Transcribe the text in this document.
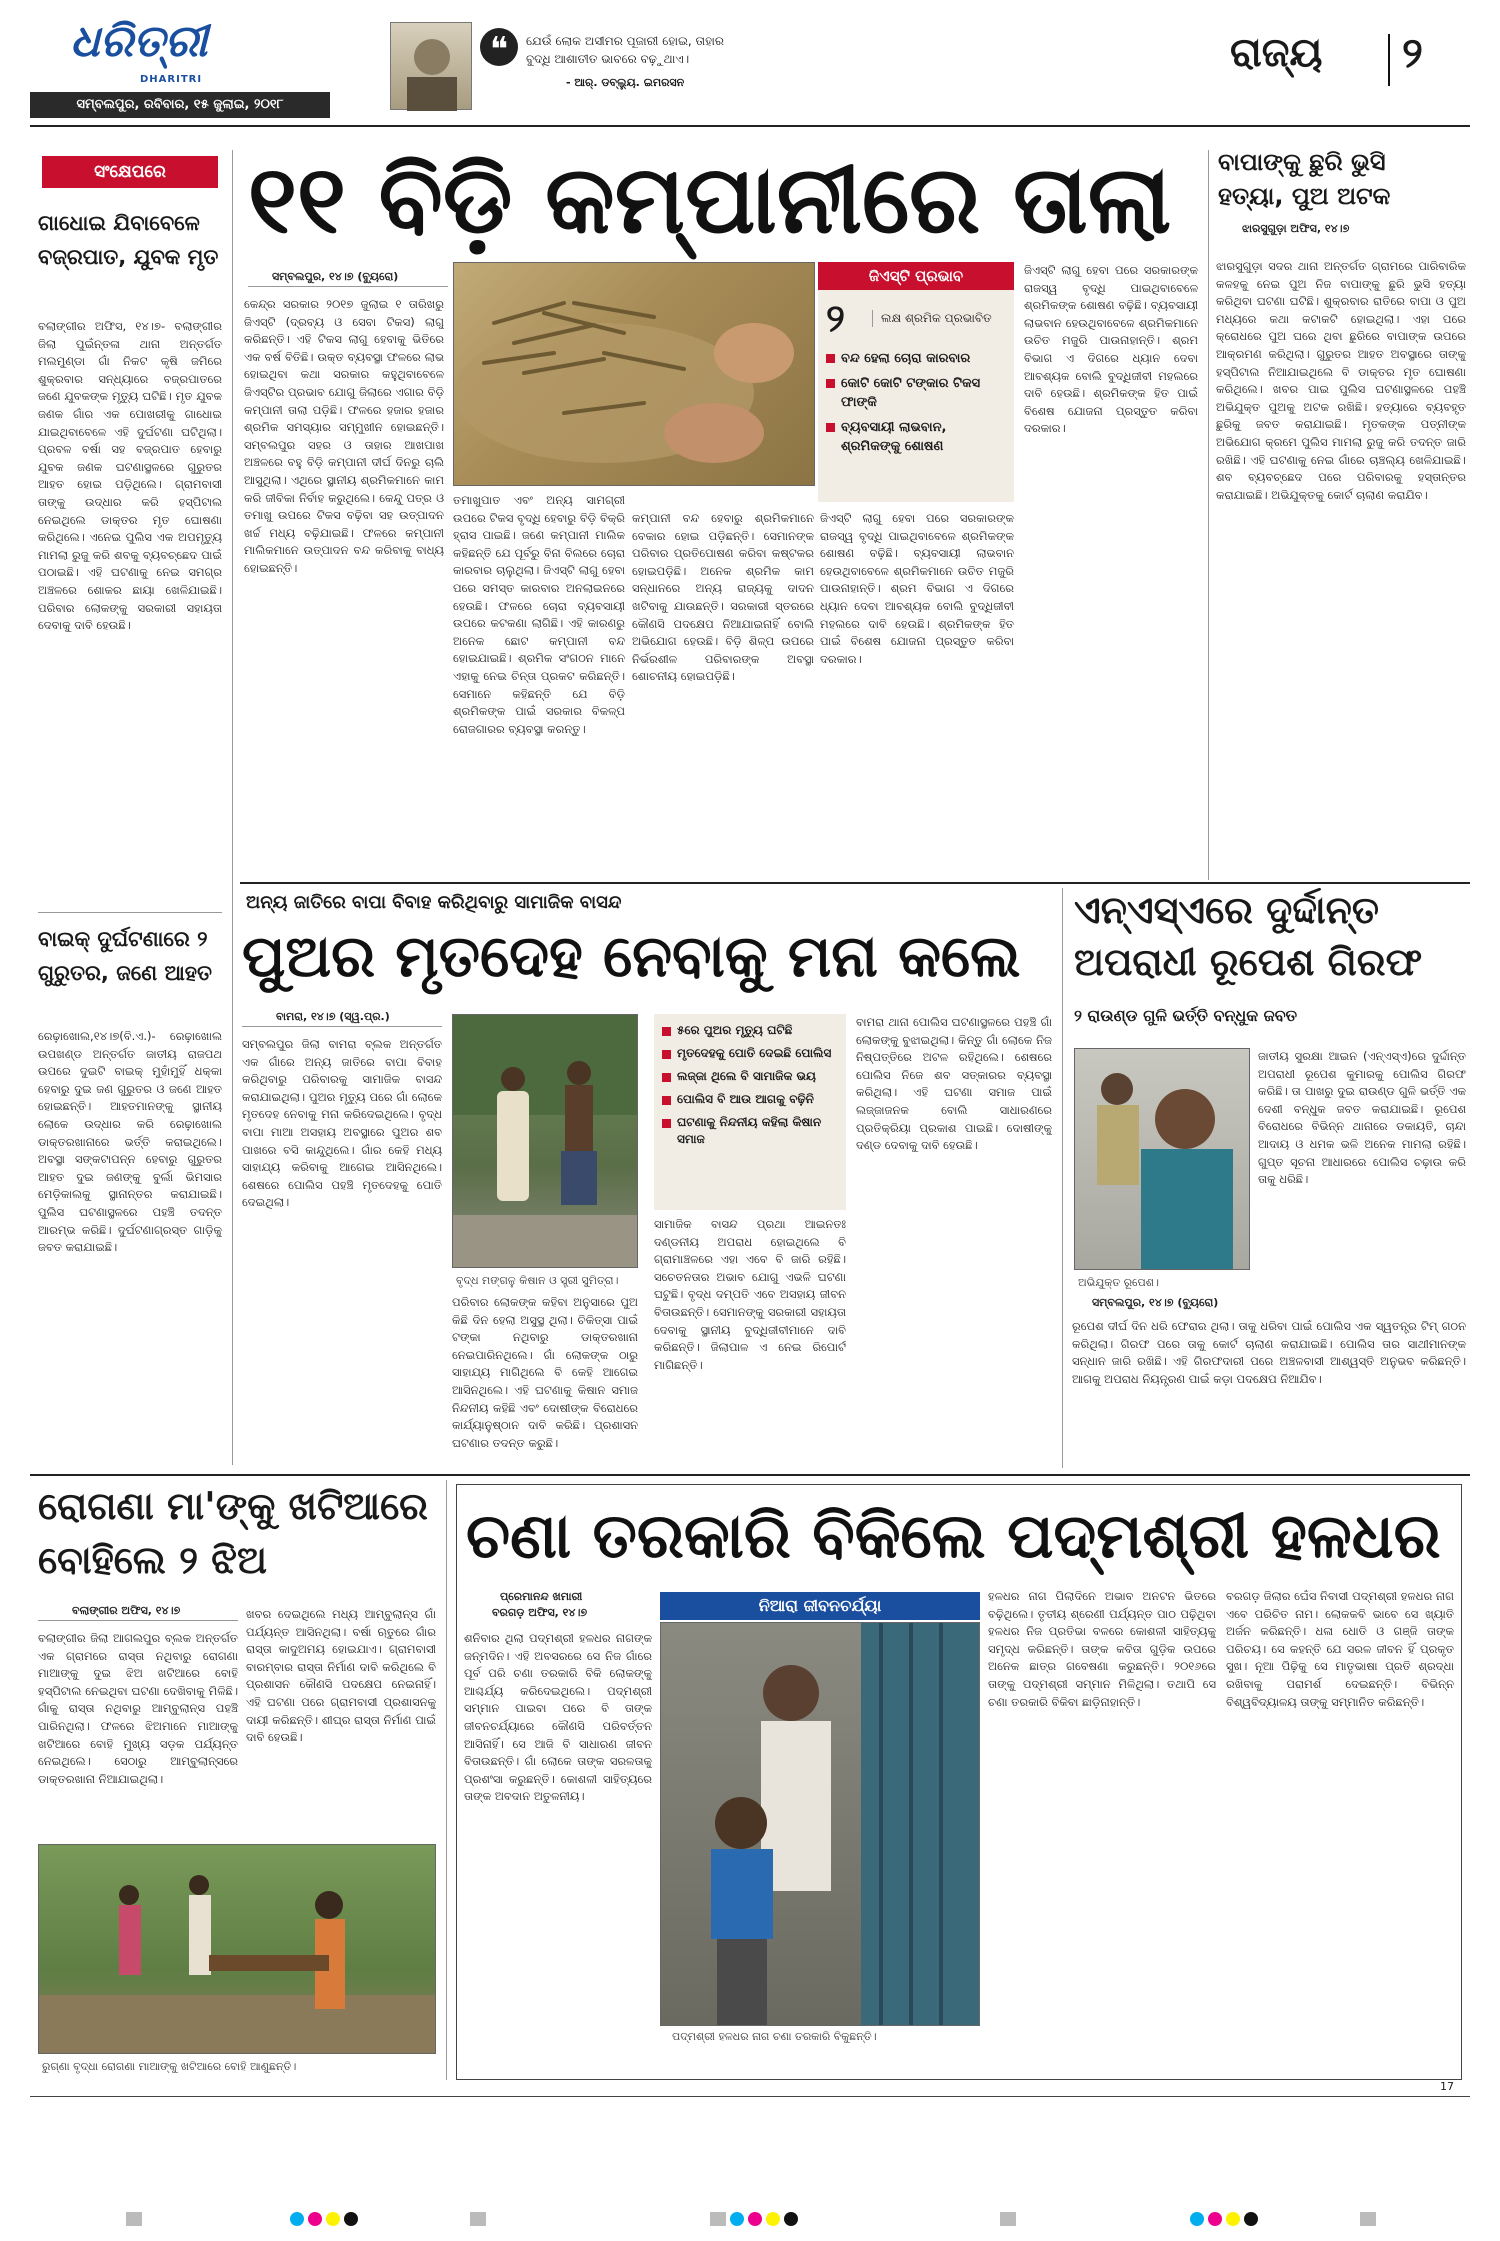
ଧରିତ୍ରୀ
DHARITRI
ସମ୍ବଲପୁର, ରବିବାର, ୧୫ ଜୁଲାଇ, ୨୦୧୮
❝	ଯେଉଁ ଲୋକ ଅସୀମର ପୂଜାରୀ ହୋଇ, ତାହାର
ବୁଦ୍ଧି ଆଶାତୀତ ଭାବରେ ବଢ଼ୁଥାଏ।
- ଆର୍. ଡବ୍ଲ୍ୟୁ. ଇମରସନ
ରାଜ୍ୟ ୨
ସଂକ୍ଷେପରେ
ଗାଧୋଇ ଯିବାବେଳେ ବଜ୍ରପାତ, ଯୁବକ ମୃତ
ବଲାଙ୍ଗୀର ଅଫିସ, ୧୪।୭- ବଲାଙ୍ଗୀର ଜିଲା ପୁଇଁନ୍ତଳା ଥାନା ଅନ୍ତର୍ଗତ ମଲମୁଣ୍ଡା ଗାଁ ନିକଟ କୃଷି ଜମିରେ ଶୁକ୍ରବାର ସନ୍ଧ୍ୟାରେ ବଜ୍ରପାତରେ ଜଣେ ଯୁବକଙ୍କ ମୃତ୍ୟୁ ଘଟିଛି। ମୃତ ଯୁବକ ଜଣକ ଗାଁର ଏକ ପୋଖରୀକୁ ଗାଧୋଇ ଯାଇଥିବାବେଳେ ଏହି ଦୁର୍ଘଟଣା ଘଟିଥିଲା। ପ୍ରବଳ ବର୍ଷା ସହ ବଜ୍ରପାତ ହେବାରୁ ଯୁବକ ଜଣକ ଘଟଣାସ୍ଥଳରେ ଗୁରୁତର ଆହତ ହୋଇ ପଡ଼ିଥିଲେ। ଗ୍ରାମବାସୀ ତାଙ୍କୁ ଉଦ୍ଧାର କରି ହସ୍ପିଟାଲ ନେଇଥିଲେ ଡାକ୍ତର ମୃତ ଘୋଷଣା କରିଥିଲେ। ଏନେଇ ପୁଲିସ ଏକ ଅପମୃତ୍ୟୁ ମାମଲା ରୁଜୁ କରି ଶବକୁ ବ୍ୟବଚ୍ଛେଦ ପାଇଁ ପଠାଇଛି। ଏହି ଘଟଣାକୁ ନେଇ ସମଗ୍ର ଅଞ୍ଚଳରେ ଶୋକର ଛାୟା ଖେଳିଯାଇଛି। ପରିବାର ଲୋକଙ୍କୁ ସରକାରୀ ସହାୟତା ଦେବାକୁ ଦାବି ହେଉଛି।
ବାଇକ୍ ଦୁର୍ଘଟଣାରେ ୨ ଗୁରୁତର, ଜଣେ ଆହତ
ରେଢ଼ାଖୋଲ,୧୪।୭(ବି.ଏ.)- ରେଢ଼ାଖୋଲ ଉପଖଣ୍ଡ ଅନ୍ତର୍ଗତ ଜାତୀୟ ରାଜପଥ ଉପରେ ଦୁଇଟି ବାଇକ୍ ମୁହାଁମୁହିଁ ଧକ୍କା ହେବାରୁ ଦୁଇ ଜଣ ଗୁରୁତର ଓ ଜଣେ ଆହତ ହୋଇଛନ୍ତି। ଆହତମାନଙ୍କୁ ସ୍ଥାନୀୟ ଲୋକେ ଉଦ୍ଧାର କରି ରେଢ଼ାଖୋଲ ଡାକ୍ତରଖାନାରେ ଭର୍ତ୍ତି କରାଇଥିଲେ। ଅବସ୍ଥା ସଙ୍କଟାପନ୍ନ ହେବାରୁ ଗୁରୁତର ଆହତ ଦୁଇ ଜଣଙ୍କୁ ବୁର୍ଲା ଭିମସାର ମେଡ଼ିକାଲକୁ ସ୍ଥାନାନ୍ତର କରାଯାଇଛି। ପୁଲିସ ଘଟଣାସ୍ଥଳରେ ପହଞ୍ଚି ତଦନ୍ତ ଆରମ୍ଭ କରିଛି। ଦୁର୍ଘଟଣାଗ୍ରସ୍ତ ଗାଡ଼ିକୁ ଜବତ କରାଯାଇଛି।
୧୧ ବିଡ଼ି କମ୍ପାନୀରେ ତାଲା
ସମ୍ବଲପୁର, ୧୪।୭ (ବ୍ୟୁରୋ)	ଜିଏସ୍ଟି ପ୍ରଭାବ
୨	ଲକ୍ଷ ଶ୍ରମିକ ପ୍ରଭାବିତ
ବନ୍ଦ ହେଲା ଚୋରା କାରବାର
କୋଟି କୋଟି ଟଙ୍କାର ଟିକସ ଫାଙ୍କି
ବ୍ୟବସାୟୀ ଲାଭବାନ, ଶ୍ରମିକଙ୍କୁ ଶୋଷଣ
କେନ୍ଦ୍ର ସରକାର ୨୦୧୭ ଜୁଲାଇ ୧ ତାରିଖରୁ ଜିଏସ୍ଟି (ଦ୍ରବ୍ୟ ଓ ସେବା ଟିକସ) ଲାଗୁ କରିଛନ୍ତି। ଏହି ଟିକସ ଲାଗୁ ହେବାକୁ ଭିତିରେ ଏକ ବର୍ଷ ବିତିଛି। ଉକ୍ତ ବ୍ୟବସ୍ଥା ଫଳରେ ଲାଭ ହୋଇଥିବା କଥା ସରକାର କହୁଥିବାବେଳେ ଜିଏସ୍ଟିର ପ୍ରଭାବ ଯୋଗୁ ଜିଲାରେ ଏଗାର ବିଡ଼ି କମ୍ପାନୀ ତାଲା ପଡ଼ିଛି। ଫଳରେ ହଜାର ହଜାର ଶ୍ରମିକ ସମସ୍ୟାର ସମ୍ମୁଖୀନ ହୋଇଛନ୍ତି। ସମ୍ବଲପୁର ସହର ଓ ତାହାର ଆଖପାଖ ଅଞ୍ଚଳରେ ବହୁ ବିଡ଼ି କମ୍ପାନୀ ଦୀର୍ଘ ଦିନରୁ ଚାଲି ଆସୁଥିଲା। ଏଥିରେ ସ୍ଥାନୀୟ ଶ୍ରମିକମାନେ କାମ କରି ଜୀବିକା ନିର୍ବାହ କରୁଥିଲେ। କେନ୍ଦୁ ପତ୍ର ଓ ତମାଖୁ ଉପରେ ଟିକସ ବଢ଼ିବା ସହ ଉତ୍ପାଦନ ଖର୍ଚ୍ଚ ମଧ୍ୟ ବଢ଼ିଯାଇଛି। ଫଳରେ କମ୍ପାନୀ ମାଲିକମାନେ ଉତ୍ପାଦନ ବନ୍ଦ କରିବାକୁ ବାଧ୍ୟ ହୋଇଛନ୍ତି।
ତମାଖୁପାତ ଏବଂ ଅନ୍ୟ ସାମଗ୍ରୀ ଉପରେ ଟିକସ ବୃଦ୍ଧି ହେବାରୁ ବିଡ଼ି ବିକ୍ରି ହ୍ରାସ ପାଇଛି। ଜଣେ କମ୍ପାନୀ ମାଲିକ କହିଛନ୍ତି ଯେ ପୂର୍ବରୁ ବିନା ବିଲରେ ଚୋରା କାରବାର ଚାଲୁଥିଲା। ଜିଏସ୍ଟି ଲାଗୁ ହେବା ପରେ ସମସ୍ତ କାରବାର ଅନଲାଇନରେ ହେଉଛି। ଫଳରେ ଚୋରା ବ୍ୟବସାୟୀ ଉପରେ କଟକଣା ଲାଗିଛି। ଏହି କାରଣରୁ ଅନେକ ଛୋଟ କମ୍ପାନୀ ବନ୍ଦ ହୋଇଯାଇଛି। ଶ୍ରମିକ ସଂଗଠନ ମାନେ ଏହାକୁ ନେଇ ଚିନ୍ତା ପ୍ରକଟ କରିଛନ୍ତି। ସେମାନେ କହିଛନ୍ତି ଯେ ବିଡ଼ି ଶ୍ରମିକଙ୍କ ପାଇଁ ସରକାର ବିକଳ୍ପ ରୋଜଗାରର ବ୍ୟବସ୍ଥା କରନ୍ତୁ।
କମ୍ପାନୀ ବନ୍ଦ ହେବାରୁ ଶ୍ରମିକମାନେ ବେକାର ହୋଇ ପଡ଼ିଛନ୍ତି। ସେମାନଙ୍କ ପରିବାର ପ୍ରତିପୋଷଣ କରିବା କଷ୍ଟକର ହୋଇପଡ଼ିଛି। ଅନେକ ଶ୍ରମିକ କାମ ସନ୍ଧାନରେ ଅନ୍ୟ ରାଜ୍ୟକୁ ଦାଦନ ଖଟିବାକୁ ଯାଉଛନ୍ତି। ସରକାରୀ ସ୍ତରରେ କୌଣସି ପଦକ୍ଷେପ ନିଆଯାଇନାହିଁ ବୋଲି ଅଭିଯୋଗ ହେଉଛି। ବିଡ଼ି ଶିଳ୍ପ ଉପରେ ନିର୍ଭରଶୀଳ ପରିବାରଙ୍କ ଅବସ୍ଥା ଶୋଚନୀୟ ହୋଇପଡ଼ିଛି।
ଜିଏସ୍ଟି ଲାଗୁ ହେବା ପରେ ସରକାରଙ୍କ ରାଜସ୍ୱ ବୃଦ୍ଧି ପାଇଥିବାବେଳେ ଶ୍ରମିକଙ୍କ ଶୋଷଣ ବଢ଼ିଛି। ବ୍ୟବସାୟୀ ଲାଭବାନ ହେଉଥିବାବେଳେ ଶ୍ରମିକମାନେ ଉଚିତ ମଜୁରି ପାଉନାହାନ୍ତି। ଶ୍ରମ ବିଭାଗ ଏ ଦିଗରେ ଧ୍ୟାନ ଦେବା ଆବଶ୍ୟକ ବୋଲି ବୁଦ୍ଧିଜୀବୀ ମହଲରେ ଦାବି ହେଉଛି। ଶ୍ରମିକଙ୍କ ହିତ ପାଇଁ ବିଶେଷ ଯୋଜନା ପ୍ରସ୍ତୁତ କରିବା ଦରକାର।
ଜିଏସ୍ଟି ଲାଗୁ ହେବା ପରେ ସରକାରଙ୍କ ରାଜସ୍ୱ ବୃଦ୍ଧି ପାଇଥିବାବେଳେ ଶ୍ରମିକଙ୍କ ଶୋଷଣ ବଢ଼ିଛି। ବ୍ୟବସାୟୀ ଲାଭବାନ ହେଉଥିବାବେଳେ ଶ୍ରମିକମାନେ ଉଚିତ ମଜୁରି ପାଉନାହାନ୍ତି। ଶ୍ରମ ବିଭାଗ ଏ ଦିଗରେ ଧ୍ୟାନ ଦେବା ଆବଶ୍ୟକ ବୋଲି ବୁଦ୍ଧିଜୀବୀ ମହଲରେ ଦାବି ହେଉଛି। ଶ୍ରମିକଙ୍କ ହିତ ପାଇଁ ବିଶେଷ ଯୋଜନା ପ୍ରସ୍ତୁତ କରିବା ଦରକାର।
ବାପାଙ୍କୁ ଛୁରି ଭୁସି
ହତ୍ୟା, ପୁଅ ଅଟକ
ଝାରସୁଗୁଡ଼ା ଅଫିସ, ୧୪।୭
ଝାରସୁଗୁଡ଼ା ସଦର ଥାନା ଅନ୍ତର୍ଗତ ଗ୍ରାମରେ ପାରିବାରିକ କଳହକୁ ନେଇ ପୁଅ ନିଜ ବାପାଙ୍କୁ ଛୁରି ଭୁସି ହତ୍ୟା କରିଥିବା ଘଟଣା ଘଟିଛି। ଶୁକ୍ରବାର ରାତିରେ ବାପା ଓ ପୁଅ ମଧ୍ୟରେ କଥା କଟାକଟି ହୋଇଥିଲା। ଏହା ପରେ କ୍ରୋଧରେ ପୁଅ ଘରେ ଥିବା ଛୁରିରେ ବାପାଙ୍କ ଉପରେ ଆକ୍ରମଣ କରିଥିଲା। ଗୁରୁତର ଆହତ ଅବସ୍ଥାରେ ତାଙ୍କୁ ହସ୍ପିଟାଲ ନିଆଯାଇଥିଲେ ବି ଡାକ୍ତର ମୃତ ଘୋଷଣା କରିଥିଲେ। ଖବର ପାଇ ପୁଲିସ ଘଟଣାସ୍ଥଳରେ ପହଞ୍ଚି ଅଭିଯୁକ୍ତ ପୁଅକୁ ଅଟକ ରଖିଛି। ହତ୍ୟାରେ ବ୍ୟବହୃତ ଛୁରିକୁ ଜବତ କରାଯାଇଛି। ମୃତକଙ୍କ ପତ୍ନୀଙ୍କ ଅଭିଯୋଗ କ୍ରମେ ପୁଲିସ ମାମଲା ରୁଜୁ କରି ତଦନ୍ତ ଜାରି ରଖିଛି। ଏହି ଘଟଣାକୁ ନେଇ ଗାଁରେ ଚାଞ୍ଚଲ୍ୟ ଖେଳିଯାଇଛି। ଶବ ବ୍ୟବଚ୍ଛେଦ ପରେ ପରିବାରକୁ ହସ୍ତାନ୍ତର କରାଯାଇଛି। ଅଭିଯୁକ୍ତକୁ କୋର୍ଟ ଚାଲାଣ କରାଯିବ।
ଅନ୍ୟ ଜାତିରେ ବାପା ବିବାହ କରିଥିବାରୁ ସାମାଜିକ ବାସନ୍ଦ
ପୁଅର ମୃତଦେହ ନେବାକୁ ମନା କଲେ
ବାମରା, ୧୪।୭ (ସ୍ୱ.ପ୍ର.)
ବୃଦ୍ଧ ମଙ୍ଗଳୁ କିଷାନ ଓ ସ୍ତ୍ରୀ ସୁମିତ୍ରା।
୫ରେ ପୁଅର ମୃତ୍ୟୁ ଘଟିଛି
ମୃତଦେହକୁ ପୋତି ଦେଇଛି ପୋଲିସ
ଲଜ୍ଜା ଥିଲେ ବି ସାମାଜିକ ଭୟ
ପୋଲିସ ବି ଆଉ ଆଗକୁ ବଢ଼ିନି
ଘଟଣାକୁ ନିନ୍ଦନୀୟ କହିଲା କିଷାନ ସମାଜ
ସମ୍ବଲପୁର ଜିଲା ବାମରା ବ୍ଲକ ଅନ୍ତର୍ଗତ ଏକ ଗାଁରେ ଅନ୍ୟ ଜାତିରେ ବାପା ବିବାହ କରିଥିବାରୁ ପରିବାରକୁ ସାମାଜିକ ବାସନ୍ଦ କରାଯାଇଥିଲା। ପୁଅର ମୃତ୍ୟୁ ପରେ ଗାଁ ଲୋକେ ମୃତଦେହ ନେବାକୁ ମନା କରିଦେଇଥିଲେ। ବୃଦ୍ଧ ବାପା ମାଆ ଅସହାୟ ଅବସ୍ଥାରେ ପୁଅର ଶବ ପାଖରେ ବସି କାନ୍ଦୁଥିଲେ। ଗାଁର କେହି ମଧ୍ୟ ସାହାଯ୍ୟ କରିବାକୁ ଆଗେଇ ଆସିନଥିଲେ। ଶେଷରେ ପୋଲିସ ପହଞ୍ଚି ମୃତଦେହକୁ ପୋତି ଦେଇଥିଲା।
ପରିବାର ଲୋକଙ୍କ କହିବା ଅନୁସାରେ ପୁଅ କିଛି ଦିନ ହେଲା ଅସୁସ୍ଥ ଥିଲା। ଚିକିତ୍ସା ପାଇଁ ଟଙ୍କା ନଥିବାରୁ ଡାକ୍ତରଖାନା ନେଇପାରିନଥିଲେ। ଗାଁ ଲୋକଙ୍କ ଠାରୁ ସାହାଯ୍ୟ ମାଗିଥିଲେ ବି କେହି ଆଗେଇ ଆସିନଥିଲେ। ଏହି ଘଟଣାକୁ କିଷାନ ସମାଜ ନିନ୍ଦନୀୟ କହିଛି ଏବଂ ଦୋଷୀଙ୍କ ବିରୋଧରେ କାର୍ଯ୍ୟାନୁଷ୍ଠାନ ଦାବି କରିଛି। ପ୍ରଶାସନ ଘଟଣାର ତଦନ୍ତ କରୁଛି।
ସାମାଜିକ ବାସନ୍ଦ ପ୍ରଥା ଆଇନତଃ ଦଣ୍ଡନୀୟ ଅପରାଧ ହୋଇଥିଲେ ବି ଗ୍ରାମାଞ୍ଚଳରେ ଏହା ଏବେ ବି ଜାରି ରହିଛି। ସଚେତନତାର ଅଭାବ ଯୋଗୁ ଏଭଳି ଘଟଣା ଘଟୁଛି। ବୃଦ୍ଧ ଦମ୍ପତି ଏବେ ଅସହାୟ ଜୀବନ ବିତାଉଛନ୍ତି। ସେମାନଙ୍କୁ ସରକାରୀ ସହାୟତା ଦେବାକୁ ସ୍ଥାନୀୟ ବୁଦ୍ଧିଜୀବୀମାନେ ଦାବି କରିଛନ୍ତି। ଜିଲାପାଳ ଏ ନେଇ ରିପୋର୍ଟ ମାଗିଛନ୍ତି।
ବାମରା ଥାନା ପୋଲିସ ଘଟଣାସ୍ଥଳରେ ପହଞ୍ଚି ଗାଁ ଲୋକଙ୍କୁ ବୁଝାଇଥିଲା। କିନ୍ତୁ ଗାଁ ଲୋକେ ନିଜ ନିଷ୍ପତ୍ତିରେ ଅଟଳ ରହିଥିଲେ। ଶେଷରେ ପୋଲିସ ନିଜେ ଶବ ସତ୍କାରର ବ୍ୟବସ୍ଥା କରିଥିଲା। ଏହି ଘଟଣା ସମାଜ ପାଇଁ ଲଜ୍ଜାଜନକ ବୋଲି ସାଧାରଣରେ ପ୍ରତିକ୍ରିୟା ପ୍ରକାଶ ପାଇଛି। ଦୋଷୀଙ୍କୁ ଦଣ୍ଡ ଦେବାକୁ ଦାବି ହେଉଛି।
ଏନ୍ଏସ୍ଏରେ ଦୁର୍ଦ୍ଦାନ୍ତ
ଅପରାଧୀ ରୂପେଶ ଗିରଫ
୨ ରାଉଣ୍ଡ ଗୁଳି ଭର୍ତ୍ତି ବନ୍ଧୁକ ଜବତ
ଅଭିଯୁକ୍ତ ରୂପେଶ।
ସମ୍ବଲପୁର, ୧୪।୭ (ବ୍ୟୁରୋ)
ଜାତୀୟ ସୁରକ୍ଷା ଆଇନ (ଏନ୍ଏସ୍ଏ)ରେ ଦୁର୍ଦ୍ଦାନ୍ତ ଅପରାଧୀ ରୂପେଶ କୁମାରକୁ ପୋଲିସ ଗିରଫ କରିଛି। ତା ପାଖରୁ ଦୁଇ ରାଉଣ୍ଡ ଗୁଳି ଭର୍ତ୍ତି ଏକ ଦେଶୀ ବନ୍ଧୁକ ଜବତ କରାଯାଇଛି। ରୂପେଶ ବିରୋଧରେ ବିଭିନ୍ନ ଥାନାରେ ଡକାୟତି, ଚାନ୍ଦା ଆଦାୟ ଓ ଧମକ ଭଳି ଅନେକ ମାମଲା ରହିଛି। ଗୁପ୍ତ ସୂଚନା ଆଧାରରେ ପୋଲିସ ଚଢ଼ାଉ କରି ତାକୁ ଧରିଛି।
ରୂପେଶ ଦୀର୍ଘ ଦିନ ଧରି ଫେରାର ଥିଲା। ତାକୁ ଧରିବା ପାଇଁ ପୋଲିସ ଏକ ସ୍ୱତନ୍ତ୍ର ଟିମ୍ ଗଠନ କରିଥିଲା। ଗିରଫ ପରେ ତାକୁ କୋର୍ଟ ଚାଲାଣ କରାଯାଇଛି। ପୋଲିସ ତାର ସାଥୀମାନଙ୍କ ସନ୍ଧାନ ଜାରି ରଖିଛି। ଏହି ଗିରଫଦାରୀ ପରେ ଅଞ୍ଚଳବାସୀ ଆଶ୍ୱସ୍ତି ଅନୁଭବ କରିଛନ୍ତି। ଆଗକୁ ଅପରାଧ ନିୟନ୍ତ୍ରଣ ପାଇଁ କଡ଼ା ପଦକ୍ଷେପ ନିଆଯିବ।
ରୋଗଣା ମା'ଙ୍କୁ ଖଟିଆରେ
ବୋହିଲେ ୨ ଝିଅ
ବଲାଙ୍ଗୀର ଅଫିସ, ୧୪।୭
ବଲାଙ୍ଗୀର ଜିଲା ଆଗଲପୁର ବ୍ଲକ ଅନ୍ତର୍ଗତ ଏକ ଗ୍ରାମରେ ରାସ୍ତା ନଥିବାରୁ ରୋଗଣା ମାଆଙ୍କୁ ଦୁଇ ଝିଅ ଖଟିଆରେ ବୋହି ହସ୍ପିଟାଲ ନେଇଥିବା ଘଟଣା ଦେଖିବାକୁ ମିଳିଛି। ଗାଁକୁ ରାସ୍ତା ନଥିବାରୁ ଆମ୍ବୁଲାନ୍ସ ପହଞ୍ଚି ପାରିନଥିଲା। ଫଳରେ ଝିଅମାନେ ମାଆଙ୍କୁ ଖଟିଆରେ ବୋହି ମୁଖ୍ୟ ସଡ଼କ ପର୍ଯ୍ୟନ୍ତ ନେଇଥିଲେ। ସେଠାରୁ ଆମ୍ବୁଲାନ୍ସରେ ଡାକ୍ତରଖାନା ନିଆଯାଇଥିଲା।
ଖବର ଦେଇଥିଲେ ମଧ୍ୟ ଆମ୍ବୁଲାନ୍ସ ଗାଁ ପର୍ଯ୍ୟନ୍ତ ଆସିନଥିଲା। ବର୍ଷା ଋତୁରେ ଗାଁର ରାସ୍ତା କାଦୁଅମୟ ହୋଇଯାଏ। ଗ୍ରାମବାସୀ ବାରମ୍ବାର ରାସ୍ତା ନିର୍ମାଣ ଦାବି କରିଥିଲେ ବି ପ୍ରଶାସନ କୌଣସି ପଦକ୍ଷେପ ନେଇନାହିଁ। ଏହି ଘଟଣା ପରେ ଗ୍ରାମବାସୀ ପ୍ରଶାସନକୁ ଦାୟୀ କରିଛନ୍ତି। ଶୀଘ୍ର ରାସ୍ତା ନିର୍ମାଣ ପାଇଁ ଦାବି ହେଉଛି।
ରୁଗ୍ଣା ବୃଦ୍ଧା ରୋଗଣା ମାଆଙ୍କୁ ଖଟିଆରେ ବୋହି ଆଣୁଛନ୍ତି।
ଚଣା ତରକାରି ବିକିଲେ ପଦ୍ମଶ୍ରୀ ହଳଧର
ପ୍ରେମାନନ୍ଦ ଖମାରୀ
ବରଗଡ଼ ଅଫିସ, ୧୪।୭	ନିଆରା ଜୀବନଚର୍ଯ୍ୟା
ପଦ୍ମଶ୍ରୀ ହଳଧର ନାଗ ଚଣା ତରକାରି ବିକୁଛନ୍ତି।
ଶନିବାର ଥିଲା ପଦ୍ମଶ୍ରୀ ହଳଧର ନାଗଙ୍କ ଜନ୍ମଦିନ। ଏହି ଅବସରରେ ସେ ନିଜ ଗାଁରେ ପୂର୍ବ ପରି ଚଣା ତରକାରି ବିକି ଲୋକଙ୍କୁ ଆଶ୍ଚର୍ଯ୍ୟ କରିଦେଇଥିଲେ। ପଦ୍ମଶ୍ରୀ ସମ୍ମାନ ପାଇବା ପରେ ବି ତାଙ୍କ ଜୀବନଚର୍ଯ୍ୟାରେ କୌଣସି ପରିବର୍ତ୍ତନ ଆସିନାହିଁ। ସେ ଆଜି ବି ସାଧାରଣ ଜୀବନ ବିତାଉଛନ୍ତି। ଗାଁ ଲୋକେ ତାଙ୍କ ସରଳତାକୁ ପ୍ରଶଂସା କରୁଛନ୍ତି। କୋଶଳୀ ସାହିତ୍ୟରେ ତାଙ୍କ ଅବଦାନ ଅତୁଳନୀୟ।
ହଳଧର ନାଗ ପିଲାଦିନେ ଅଭାବ ଅନଟନ ଭିତରେ ବଢ଼ିଥିଲେ। ତୃତୀୟ ଶ୍ରେଣୀ ପର୍ଯ୍ୟନ୍ତ ପାଠ ପଢ଼ିଥିବା ହଳଧର ନିଜ ପ୍ରତିଭା ବଳରେ କୋଶଳୀ ସାହିତ୍ୟକୁ ସମୃଦ୍ଧ କରିଛନ୍ତି। ତାଙ୍କ କବିତା ଗୁଡ଼ିକ ଉପରେ ଅନେକ ଛାତ୍ର ଗବେଷଣା କରୁଛନ୍ତି। ୨୦୧୬ରେ ତାଙ୍କୁ ପଦ୍ମଶ୍ରୀ ସମ୍ମାନ ମିଳିଥିଲା। ତଥାପି ସେ ଚଣା ତରକାରି ବିକିବା ଛାଡ଼ିନାହାନ୍ତି।
ବରଗଡ଼ ଜିଲାର ଘେଁସ ନିବାସୀ ପଦ୍ମଶ୍ରୀ ହଳଧର ନାଗ ଏବେ ପରିଚିତ ନାମ। ଲୋକକବି ଭାବେ ସେ ଖ୍ୟାତି ଅର୍ଜନ କରିଛନ୍ତି। ଧଳା ଧୋତି ଓ ଗଞ୍ଜି ତାଙ୍କ ପରିଚୟ। ସେ କହନ୍ତି ଯେ ସରଳ ଜୀବନ ହିଁ ପ୍ରକୃତ ସୁଖ। ନୂଆ ପିଢ଼ିକୁ ସେ ମାତୃଭାଷା ପ୍ରତି ଶ୍ରଦ୍ଧା ରଖିବାକୁ ପରାମର୍ଶ ଦେଇଛନ୍ତି। ବିଭିନ୍ନ ବିଶ୍ୱବିଦ୍ୟାଳୟ ତାଙ୍କୁ ସମ୍ମାନିତ କରିଛନ୍ତି।
17
